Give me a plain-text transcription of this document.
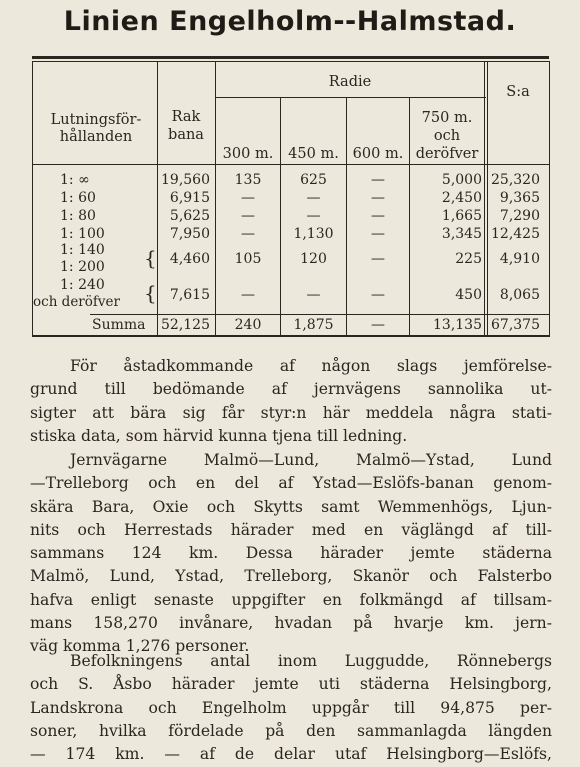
Linien Engelholm--Halmstad.
Lutningsför-
hållanden
Rak
bana
Radie
300 m.	450 m. 600 m.
750 m.
och
deröfver
S:a
1: ∞	19,560	135	625	—	5,000 25,320
1: 60	6,915	—	—	—	2,450	9,365
1: 80	5,625	—	—	—	1,665	7,290
1: 100	7,950	—	1,130	—	3,345 12,425
1: 140
1: 200 { 4,460	105	120	—	225	4,910
1: 240
och deröfver { 7,615	—	—	—	450	8,065
Summa 52,125	240	1,875	—	13,135 67,375
För åstadkommande af någon slags jemförelse-
grund till bedömande af jernvägens sannolika ut-
sigter att bära sig får styr:n här meddela några stati-
stiska data, som härvid kunna tjena till ledning.
Jernvägarne Malmö—Lund, Malmö—Ystad, Lund
—Trelleborg och en del af Ystad—Eslöfs-banan genom-
skära Bara, Oxie och Skytts samt Wemmenhögs, Ljun-
nits och Herrestads härader med en väglängd af till-
sammans 124 km. Dessa härader jemte städerna
Malmö, Lund, Ystad, Trelleborg, Skanör och Falsterbo
hafva enligt senaste uppgifter en folkmängd af tillsam-
mans 158,270 invånare, hvadan på hvarje km. jern-
väg komma 1,276 personer.
Befolkningens antal inom Luggudde, Rönnebergs
och S. Åsbo härader jemte uti städerna Helsingborg,
Landskrona och Engelholm uppgår till 94,875 per-
soner, hvilka fördelade på den sammanlagda längden
— 174 km. — af de delar utaf Helsingborg—Eslöfs,
